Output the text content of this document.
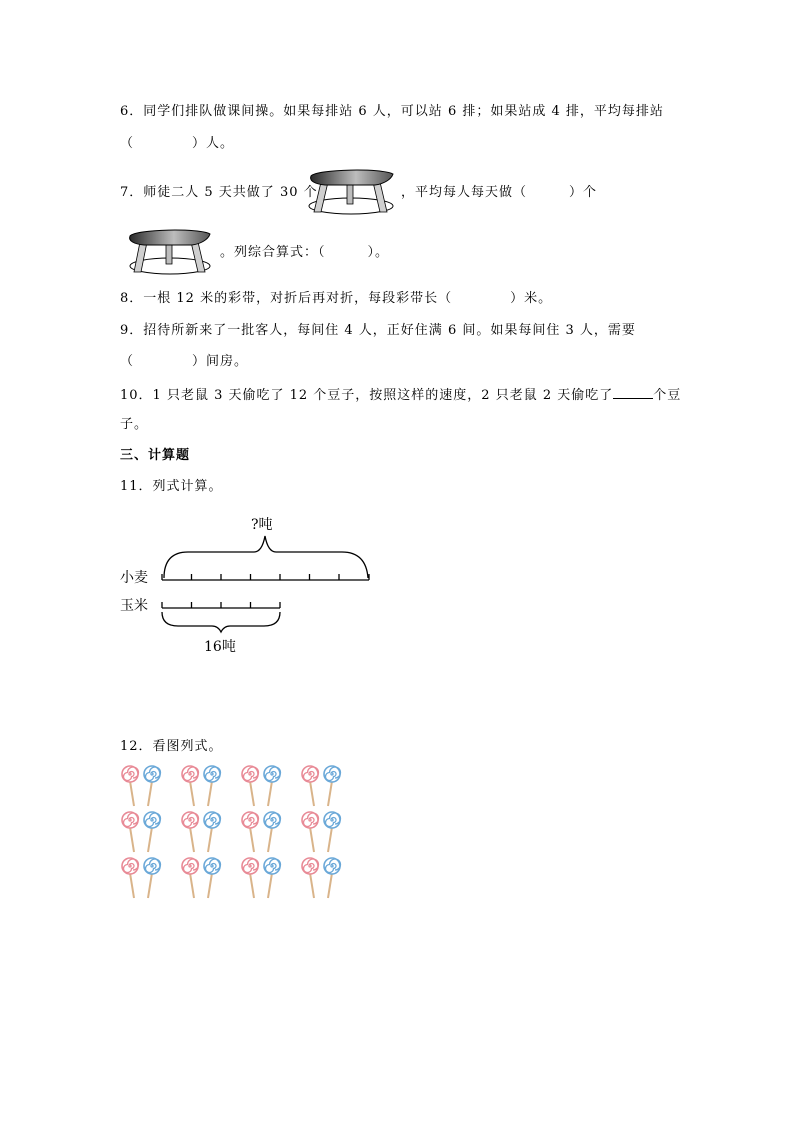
6．同学们排队做课间操。如果每排站 6 人，可以站 6 排；如果站成 4 排，平均每排站
（	）人。
7．师徒二人 5 天共做了 30 个	，平均每人每天做（	）个
。列综合算式：（	）。
8．一根 12 米的彩带，对折后再对折，每段彩带长（	）米。
9．招待所新来了一批客人，每间住 4 人，正好住满 6 间。如果每间住 3 人，需要
（	）间房。
10．1 只老鼠 3 天偷吃了 12 个豆子，按照这样的速度，2 只老鼠 2 天偷吃了	个豆
子。
三、计算题
11．列式计算。
?吨
小麦
玉米
16吨
12．看图列式。
